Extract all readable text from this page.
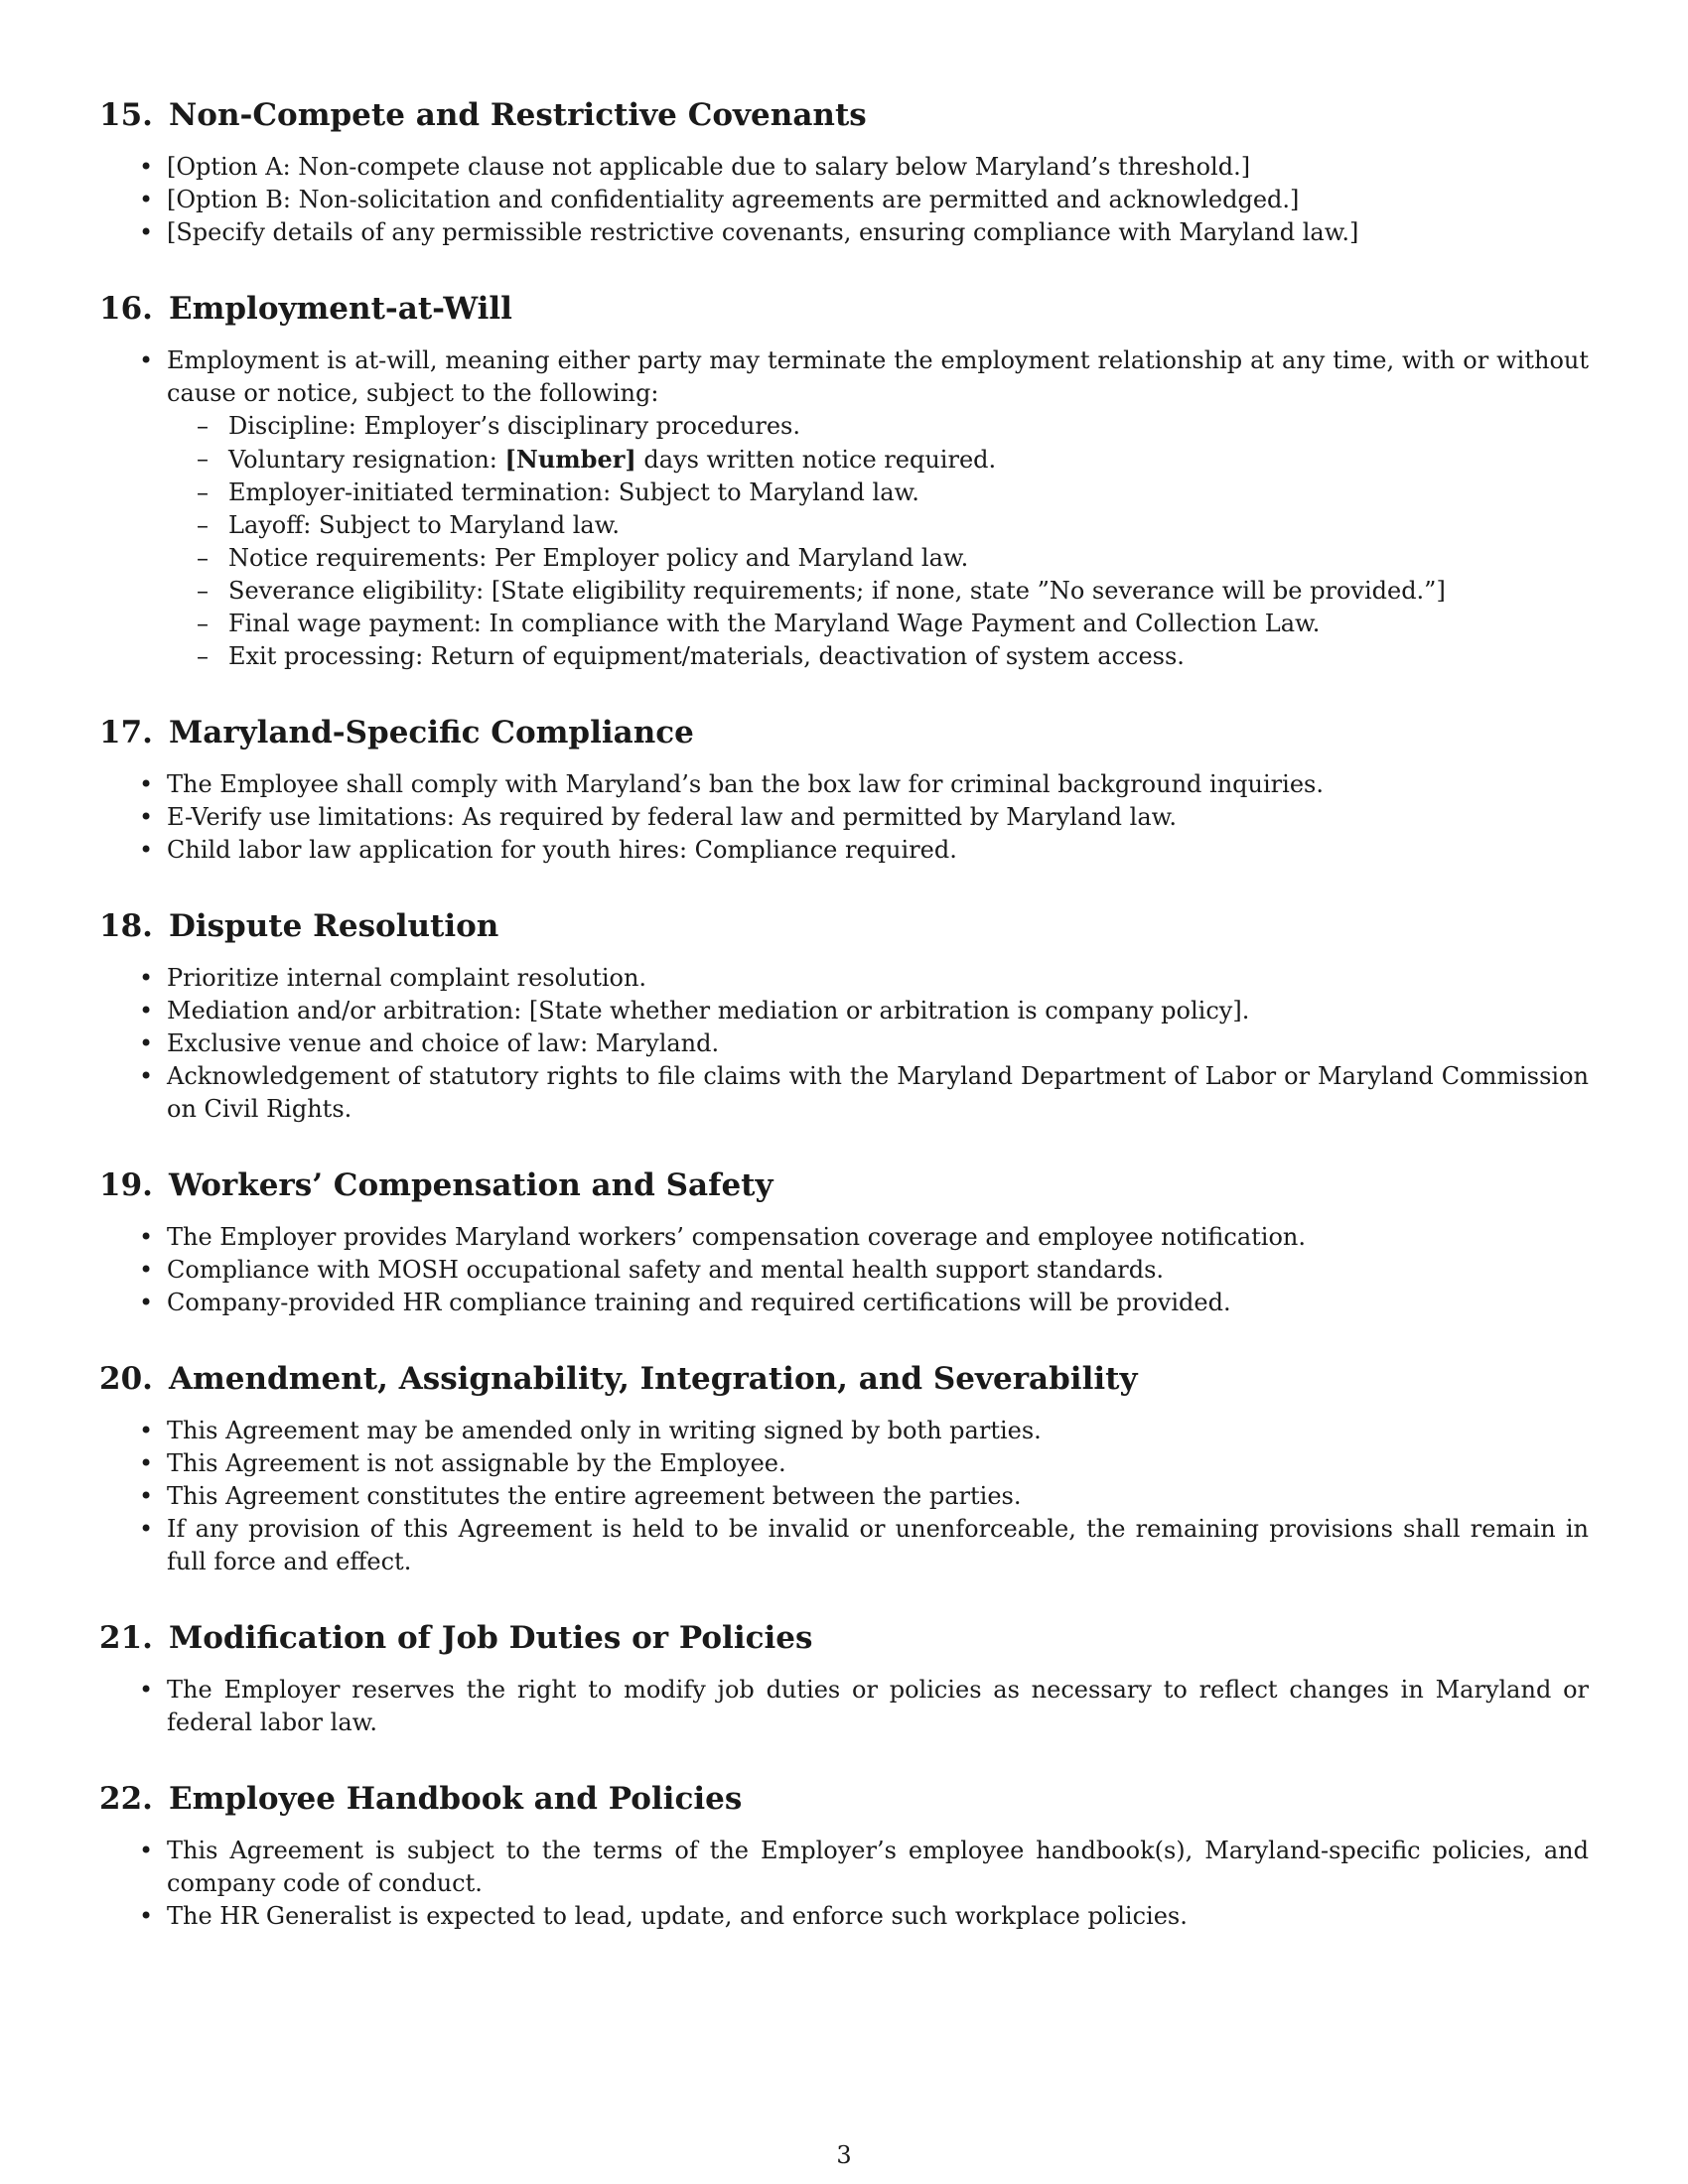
15. Non-Compete and Restrictive Covenants
• [Option A: Non-compete clause not applicable due to salary below Maryland’s threshold.]
• [Option B: Non-solicitation and confidentiality agreements are permitted and acknowledged.]
• [Specify details of any permissible restrictive covenants, ensuring compliance with Maryland law.]
16. Employment-at-Will
• Employment is at-will, meaning either party may terminate the employment relationship at any time, with or without cause or notice, subject to the following:
– Discipline: Employer’s disciplinary procedures.
– Voluntary resignation: [Number] days written notice required.
– Employer-initiated termination: Subject to Maryland law.
– Layoff: Subject to Maryland law.
– Notice requirements: Per Employer policy and Maryland law.
– Severance eligibility: [State eligibility requirements; if none, state ”No severance will be provided.”]
– Final wage payment: In compliance with the Maryland Wage Payment and Collection Law.
– Exit processing: Return of equipment/materials, deactivation of system access.
17. Maryland-Specific Compliance
• The Employee shall comply with Maryland’s ban the box law for criminal background inquiries.
• E-Verify use limitations: As required by federal law and permitted by Maryland law.
• Child labor law application for youth hires: Compliance required.
18. Dispute Resolution
• Prioritize internal complaint resolution.
• Mediation and/or arbitration: [State whether mediation or arbitration is company policy].
• Exclusive venue and choice of law: Maryland.
• Acknowledgement of statutory rights to file claims with the Maryland Department of Labor or Maryland Commission on Civil Rights.
19. Workers’ Compensation and Safety
• The Employer provides Maryland workers’ compensation coverage and employee notification.
• Compliance with MOSH occupational safety and mental health support standards.
• Company-provided HR compliance training and required certifications will be provided.
20. Amendment, Assignability, Integration, and Severability
• This Agreement may be amended only in writing signed by both parties.
• This Agreement is not assignable by the Employee.
• This Agreement constitutes the entire agreement between the parties.
• If any provision of this Agreement is held to be invalid or unenforceable, the remaining provisions shall remain in full force and effect.
21. Modification of Job Duties or Policies
• The Employer reserves the right to modify job duties or policies as necessary to reflect changes in Maryland or federal labor law.
22. Employee Handbook and Policies
• This Agreement is subject to the terms of the Employer’s employee handbook(s), Maryland-specific policies, and company code of conduct.
• The HR Generalist is expected to lead, update, and enforce such workplace policies.
3
